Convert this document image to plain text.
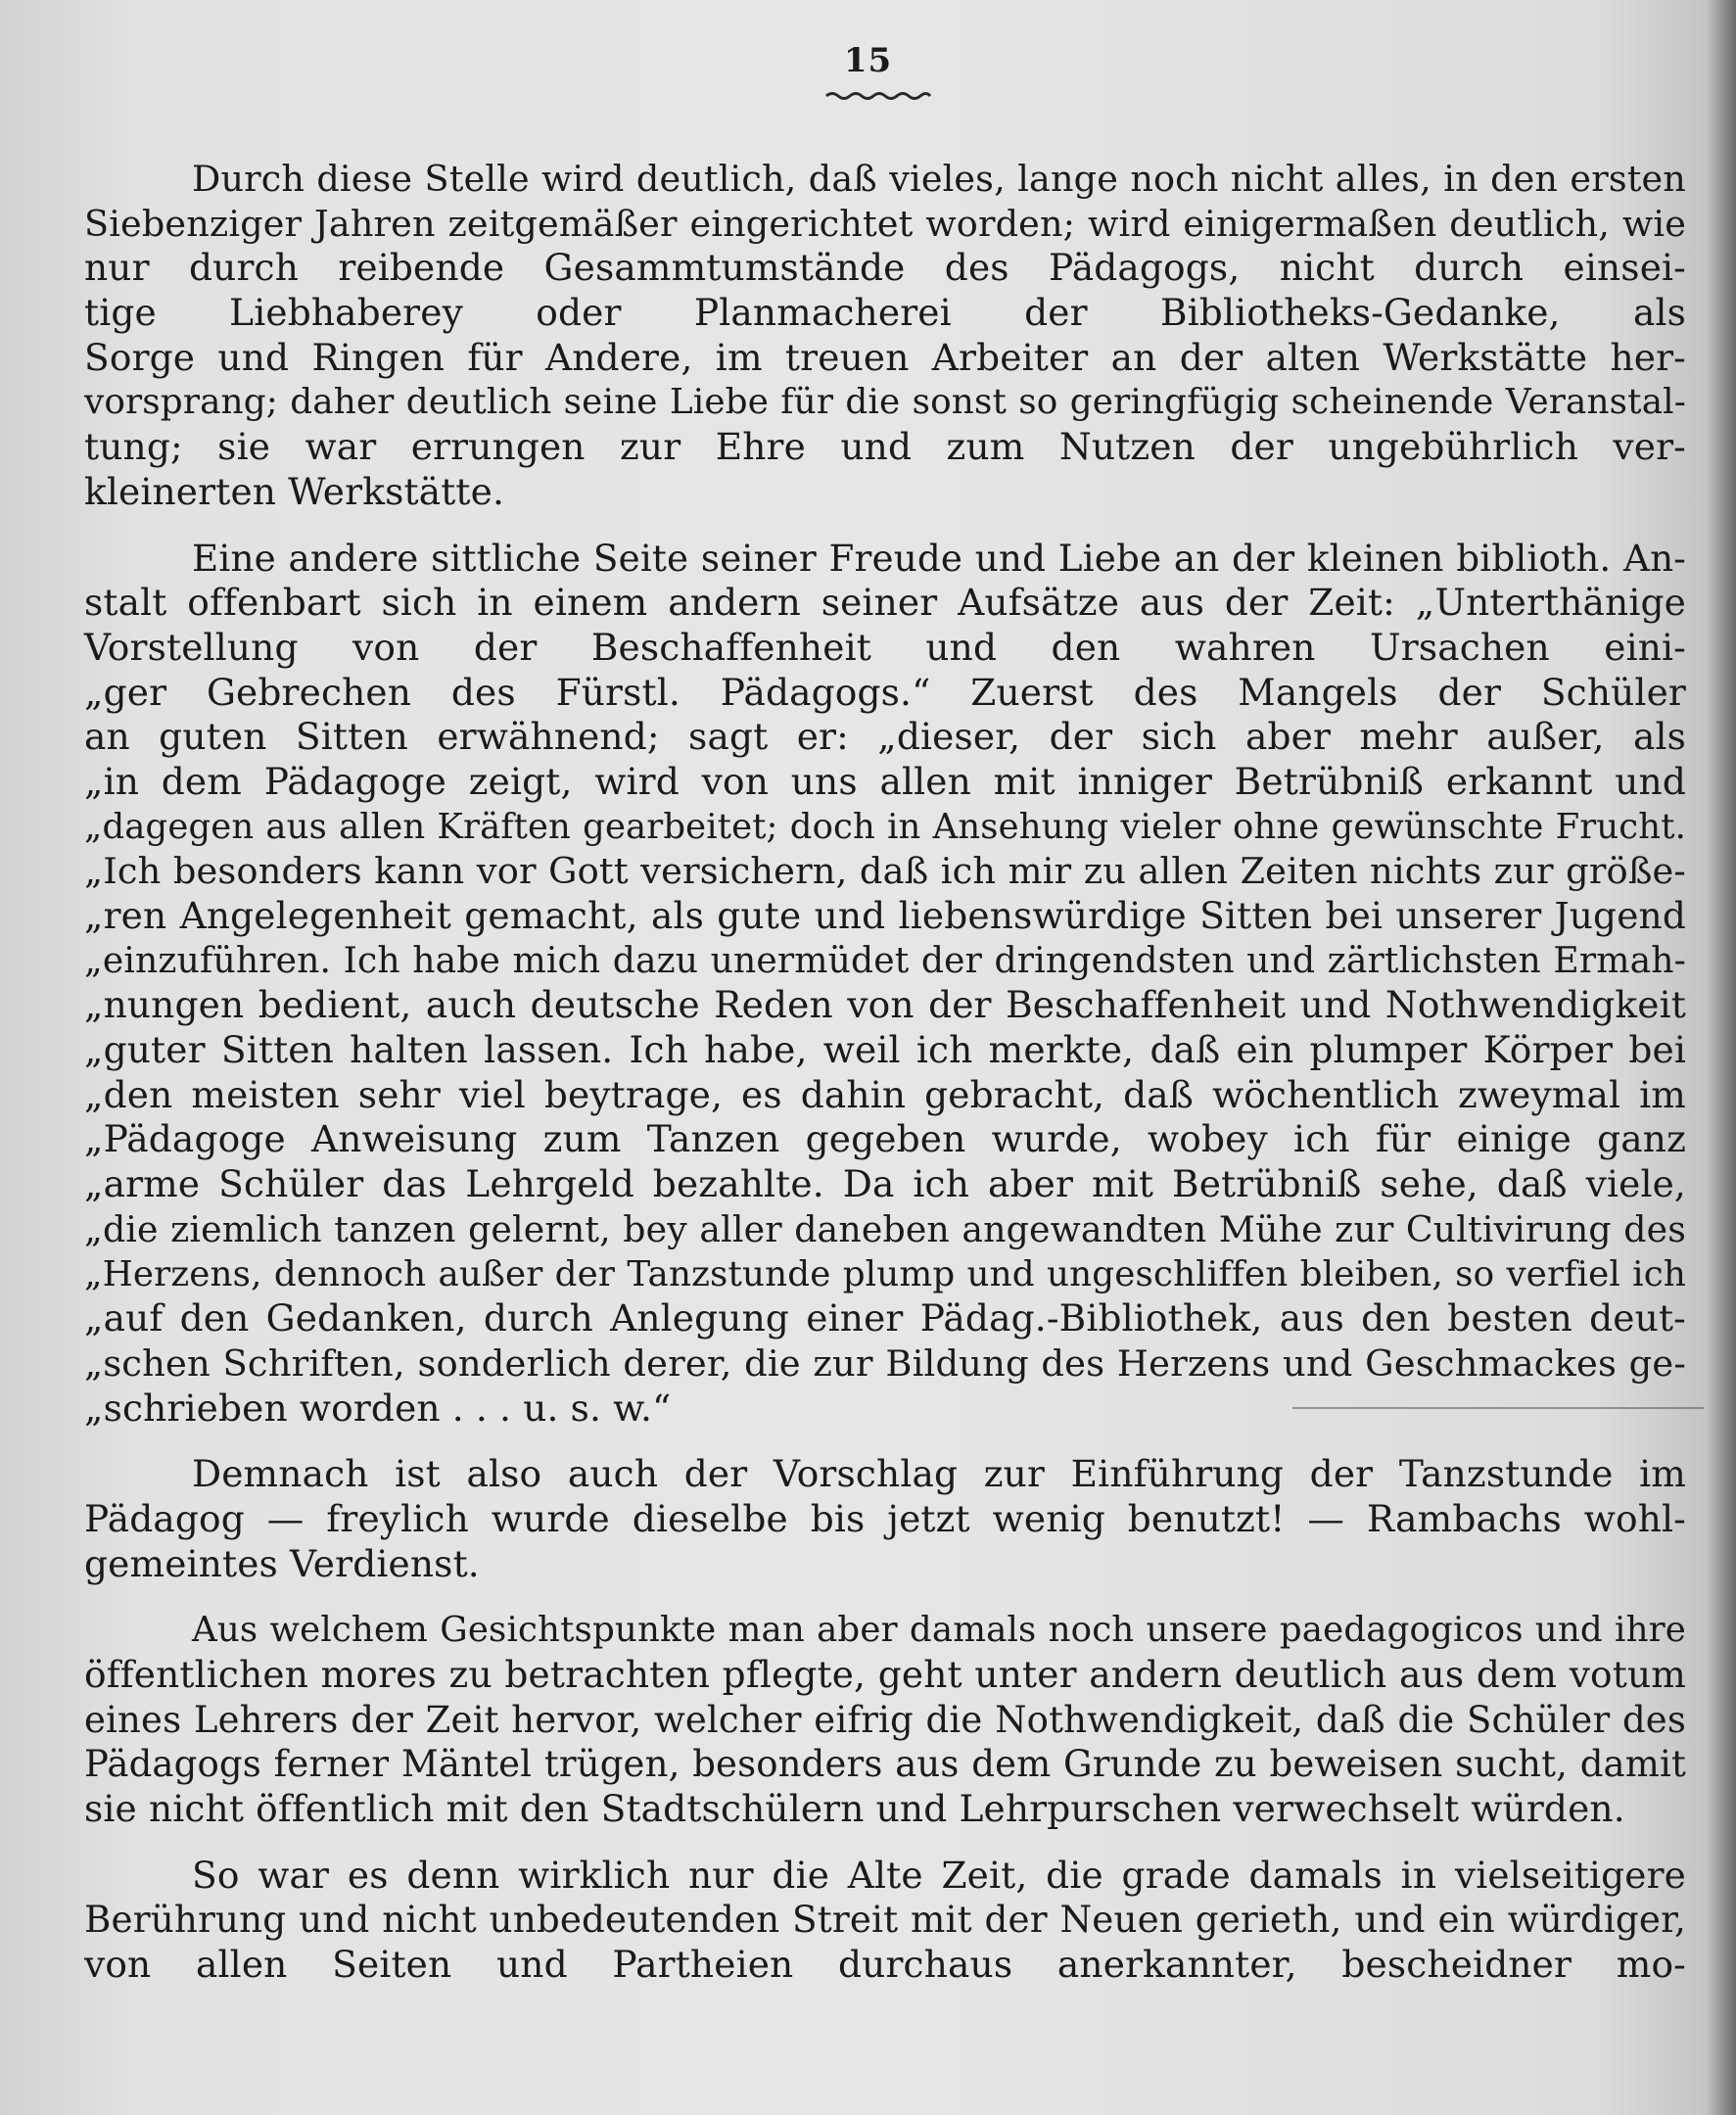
15
Durch diese Stelle wird deutlich, daß vieles, lange noch nicht alles, in den ersten
Siebenziger Jahren zeitgemäßer eingerichtet worden; wird einigermaßen deutlich, wie
nur durch reibende Gesammtumstände des Pädagogs, nicht durch einsei-
tige Liebhaberey oder Planmacherei der Bibliotheks-Gedanke, als
Sorge und Ringen für Andere, im treuen Arbeiter an der alten Werkstätte her-
vorsprang; daher deutlich seine Liebe für die sonst so geringfügig scheinende Veranstal-
tung; sie war errungen zur Ehre und zum Nutzen der ungebührlich ver-
kleinerten Werkstätte.
Eine andere sittliche Seite seiner Freude und Liebe an der kleinen biblioth. An-
stalt offenbart sich in einem andern seiner Aufsätze aus der Zeit: „Unterthänige
Vorstellung von der Beschaffenheit und den wahren Ursachen eini-
„ger Gebrechen des Fürstl. Pädagogs.“ Zuerst des Mangels der Schüler
an guten Sitten erwähnend; sagt er: „dieser, der sich aber mehr außer, als
„in dem Pädagoge zeigt, wird von uns allen mit inniger Betrübniß erkannt und
„dagegen aus allen Kräften gearbeitet; doch in Ansehung vieler ohne gewünschte Frucht.
„Ich besonders kann vor Gott versichern, daß ich mir zu allen Zeiten nichts zur größe-
„ren Angelegenheit gemacht, als gute und liebenswürdige Sitten bei unserer Jugend
„einzuführen. Ich habe mich dazu unermüdet der dringendsten und zärtlichsten Ermah-
„nungen bedient, auch deutsche Reden von der Beschaffenheit und Nothwendigkeit
„guter Sitten halten lassen. Ich habe, weil ich merkte, daß ein plumper Körper bei
„den meisten sehr viel beytrage, es dahin gebracht, daß wöchentlich zweymal im
„Pädagoge Anweisung zum Tanzen gegeben wurde, wobey ich für einige ganz
„arme Schüler das Lehrgeld bezahlte. Da ich aber mit Betrübniß sehe, daß viele,
„die ziemlich tanzen gelernt, bey aller daneben angewandten Mühe zur Cultivirung des
„Herzens, dennoch außer der Tanzstunde plump und ungeschliffen bleiben, so verfiel ich
„auf den Gedanken, durch Anlegung einer Pädag.-Bibliothek, aus den besten deut-
„schen Schriften, sonderlich derer, die zur Bildung des Herzens und Geschmackes ge-
„schrieben worden . . . u. s. w.“
Demnach ist also auch der Vorschlag zur Einführung der Tanzstunde im
Pädagog — freylich wurde dieselbe bis jetzt wenig benutzt! — Rambachs wohl-
gemeintes Verdienst.
Aus welchem Gesichtspunkte man aber damals noch unsere paedagogicos und ihre
öffentlichen mores zu betrachten pflegte, geht unter andern deutlich aus dem votum
eines Lehrers der Zeit hervor, welcher eifrig die Nothwendigkeit, daß die Schüler des
Pädagogs ferner Mäntel trügen, besonders aus dem Grunde zu beweisen sucht, damit
sie nicht öffentlich mit den Stadtschülern und Lehrpurschen verwechselt würden.
So war es denn wirklich nur die Alte Zeit, die grade damals in vielseitigere
Berührung und nicht unbedeutenden Streit mit der Neuen gerieth, und ein würdiger,
von allen Seiten und Partheien durchaus anerkannter, bescheidner mo-
